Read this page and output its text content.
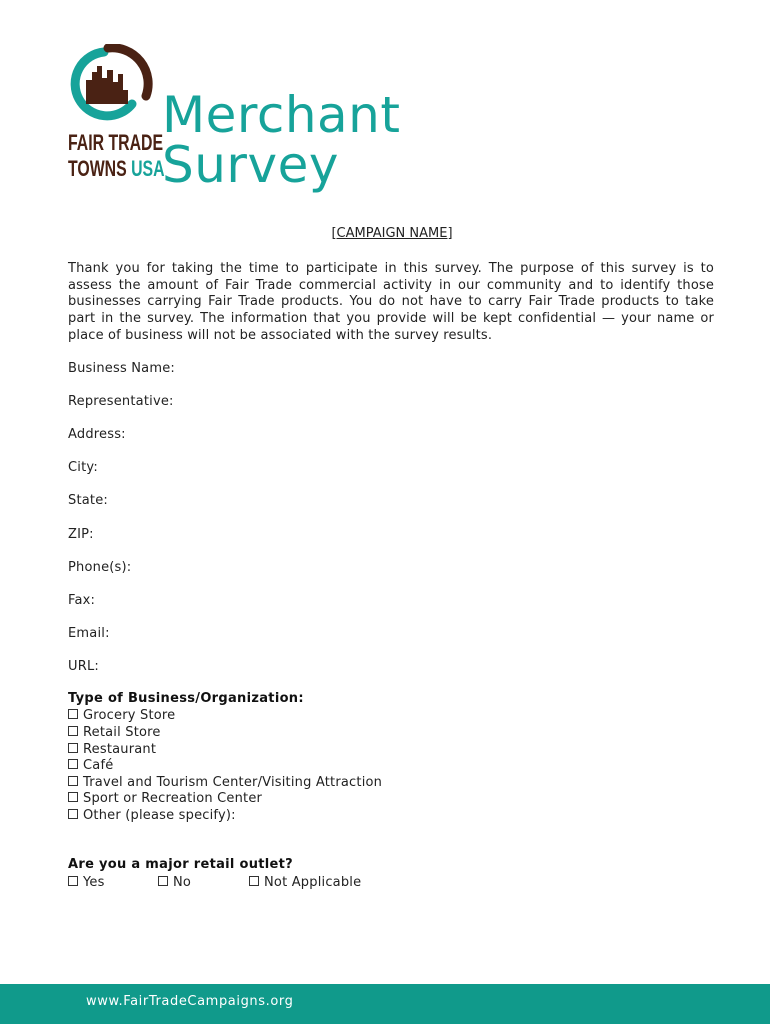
FAIR TRADE
TOWNS USA
Merchant
Survey
[CAMPAIGN NAME]
Thank you for taking the time to participate in this survey. The purpose of this survey is to assess the amount of Fair Trade commercial activity in our community and to identify those businesses carrying Fair Trade products. You do not have to carry Fair Trade products to take part in the survey. The information that you provide will be kept confidential — your name or place of business will not be associated with the survey results.
Business Name:
Representative:
Address:
City:
State:
ZIP:
Phone(s):
Fax:
Email:
URL:
Type of Business/Organization:
Grocery Store
Retail Store
Restaurant
Café
Travel and Tourism Center/Visiting Attraction
Sport or Recreation Center
Other (please specify):
Are you a major retail outlet?
Yes	No	Not Applicable
www.FairTradeCampaigns.org
